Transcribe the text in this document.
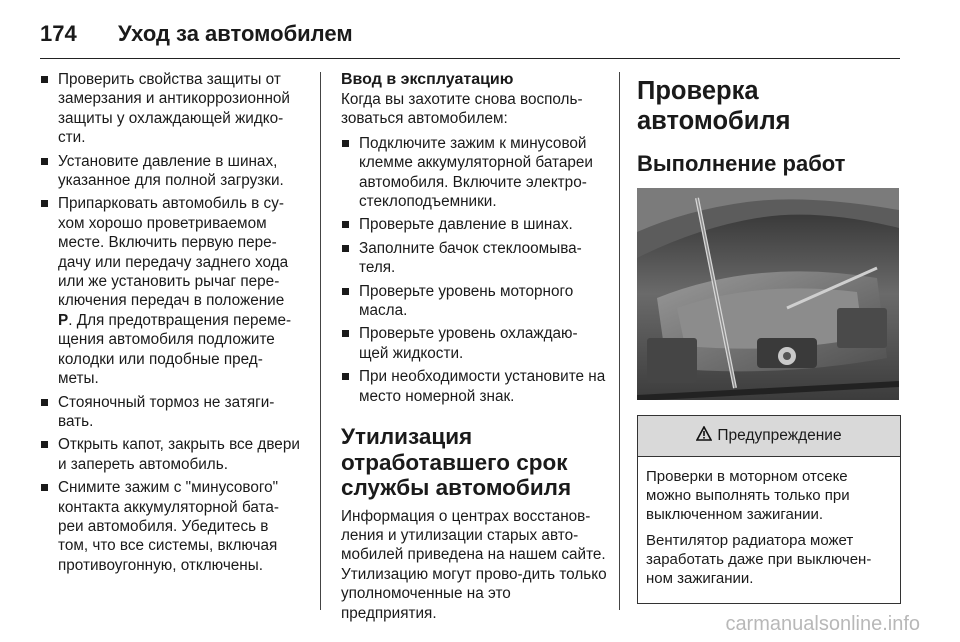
174	Уход за автомобилем
Проверить свойства защиты от замерзания и антикоррозионной защиты у охлаждающей жидко-сти.
Установите давление в шинах, указанное для полной загрузки.
Припарковать автомобиль в су-хом хорошо проветриваемом месте. Включить первую пере-дачу или передачу заднего хода или же установить рычаг пере-ключения передач в положение P. Для предотвращения переме-щения автомобиля подложите колодки или подобные пред-меты.
Стояночный тормоз не затяги-вать.
Открыть капот, закрыть все двери и запереть автомобиль.
Снимите зажим с "минусового" контакта аккумуляторной бата-реи автомобиля. Убедитесь в том, что все системы, включая противоугонную, отключены.

Ввод в эксплуатацию

Когда вы захотите снова восполь-зоваться автомобилем:

Подключите зажим к минусовой клемме аккумуляторной батареи автомобиля. Включите электро-стеклоподъемники.
Проверьте давление в шинах.
Заполните бачок стеклоомыва-теля.
Проверьте уровень моторного масла.
Проверьте уровень охлаждаю-щей жидкости.
При необходимости установите на место номерной знак.

Утилизация отработавшего срок службы автомобиля

Информация о центрах восстанов-ления и утилизации старых авто-мобилей приведена на нашем сайте. Утилизацию могут прово-дить только уполномоченные на это предприятия.

Проверка автомобиля

Выполнение работ

Предупреждение

Проверки в моторном отсеке можно выполнять только при выключенном зажигании.

Вентилятор радиатора может заработать даже при выключен-ном зажигании.

carmanualsonline.info
